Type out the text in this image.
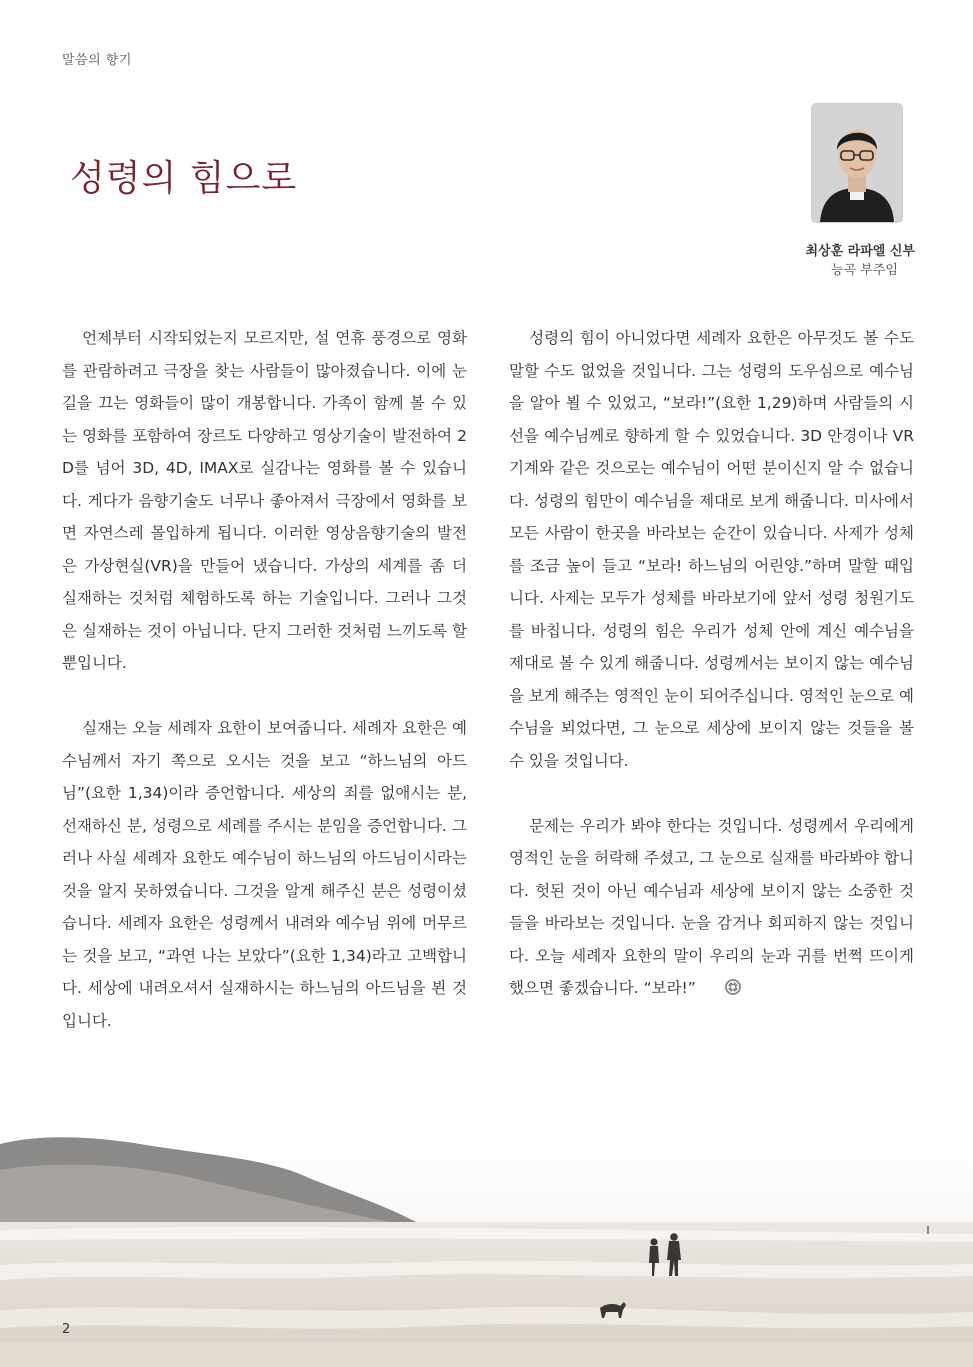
말씀의 향기
성령의 힘으로
최상훈 라파엘 신부
능곡 부주임

언제부터 시작되었는지 모르지만, 설 연휴 풍경으로 영화를 관람하려고 극장을 찾는 사람들이 많아졌습니다. 이에 눈길을 끄는 영화들이 많이 개봉합니다. 가족이 함께 볼 수 있는 영화를 포함하여 장르도 다양하고 영상기술이 발전하여 2D를 넘어 3D, 4D, IMAX로 실감나는 영화를 볼 수 있습니다. 게다가 음향기술도 너무나 좋아져서 극장에서 영화를 보면 자연스레 몰입하게 됩니다. 이러한 영상음향기술의 발전은 가상현실(VR)을 만들어 냈습니다. 가상의 세계를 좀 더 실재하는 것처럼 체험하도록 하는 기술입니다. 그러나 그것은 실재하는 것이 아닙니다. 단지 그러한 것처럼 느끼도록 할 뿐입니다.

실재는 오늘 세례자 요한이 보여줍니다. 세례자 요한은 예수님께서 자기 쪽으로 오시는 것을 보고 “하느님의 아드님”(요한 1,34)이라 증언합니다. 세상의 죄를 없애시는 분, 선재하신 분, 성령으로 세례를 주시는 분임을 증언합니다. 그러나 사실 세례자 요한도 예수님이 하느님의 아드님이시라는 것을 알지 못하였습니다. 그것을 알게 해주신 분은 성령이셨습니다. 세례자 요한은 성령께서 내려와 예수님 위에 머무르는 것을 보고, “과연 나는 보았다”(요한 1,34)라고 고백합니다. 세상에 내려오셔서 실재하시는 하느님의 아드님을 뵌 것입니다.

성령의 힘이 아니었다면 세례자 요한은 아무것도 볼 수도 말할 수도 없었을 것입니다. 그는 성령의 도우심으로 예수님을 알아 뵐 수 있었고, “보라!”(요한 1,29)하며 사람들의 시선을 예수님께로 향하게 할 수 있었습니다. 3D 안경이나 VR기계와 같은 것으로는 예수님이 어떤 분이신지 알 수 없습니다. 성령의 힘만이 예수님을 제대로 보게 해줍니다. 미사에서 모든 사람이 한곳을 바라보는 순간이 있습니다. 사제가 성체를 조금 높이 들고 “보라! 하느님의 어린양.”하며 말할 때입니다. 사제는 모두가 성체를 바라보기에 앞서 성령 청원기도를 바칩니다. 성령의 힘은 우리가 성체 안에 계신 예수님을 제대로 볼 수 있게 해줍니다. 성령께서는 보이지 않는 예수님을 보게 해주는 영적인 눈이 되어주십니다. 영적인 눈으로 예수님을 뵈었다면, 그 눈으로 세상에 보이지 않는 것들을 볼 수 있을 것입니다.

문제는 우리가 봐야 한다는 것입니다. 성령께서 우리에게 영적인 눈을 허락해 주셨고, 그 눈으로 실재를 바라봐야 합니다. 헛된 것이 아닌 예수님과 세상에 보이지 않는 소중한 것들을 바라보는 것입니다. 눈을 감거나 회피하지 않는 것입니다. 오늘 세례자 요한의 말이 우리의 눈과 귀를 번쩍 뜨이게 했으면 좋겠습니다. “보라!”

2
